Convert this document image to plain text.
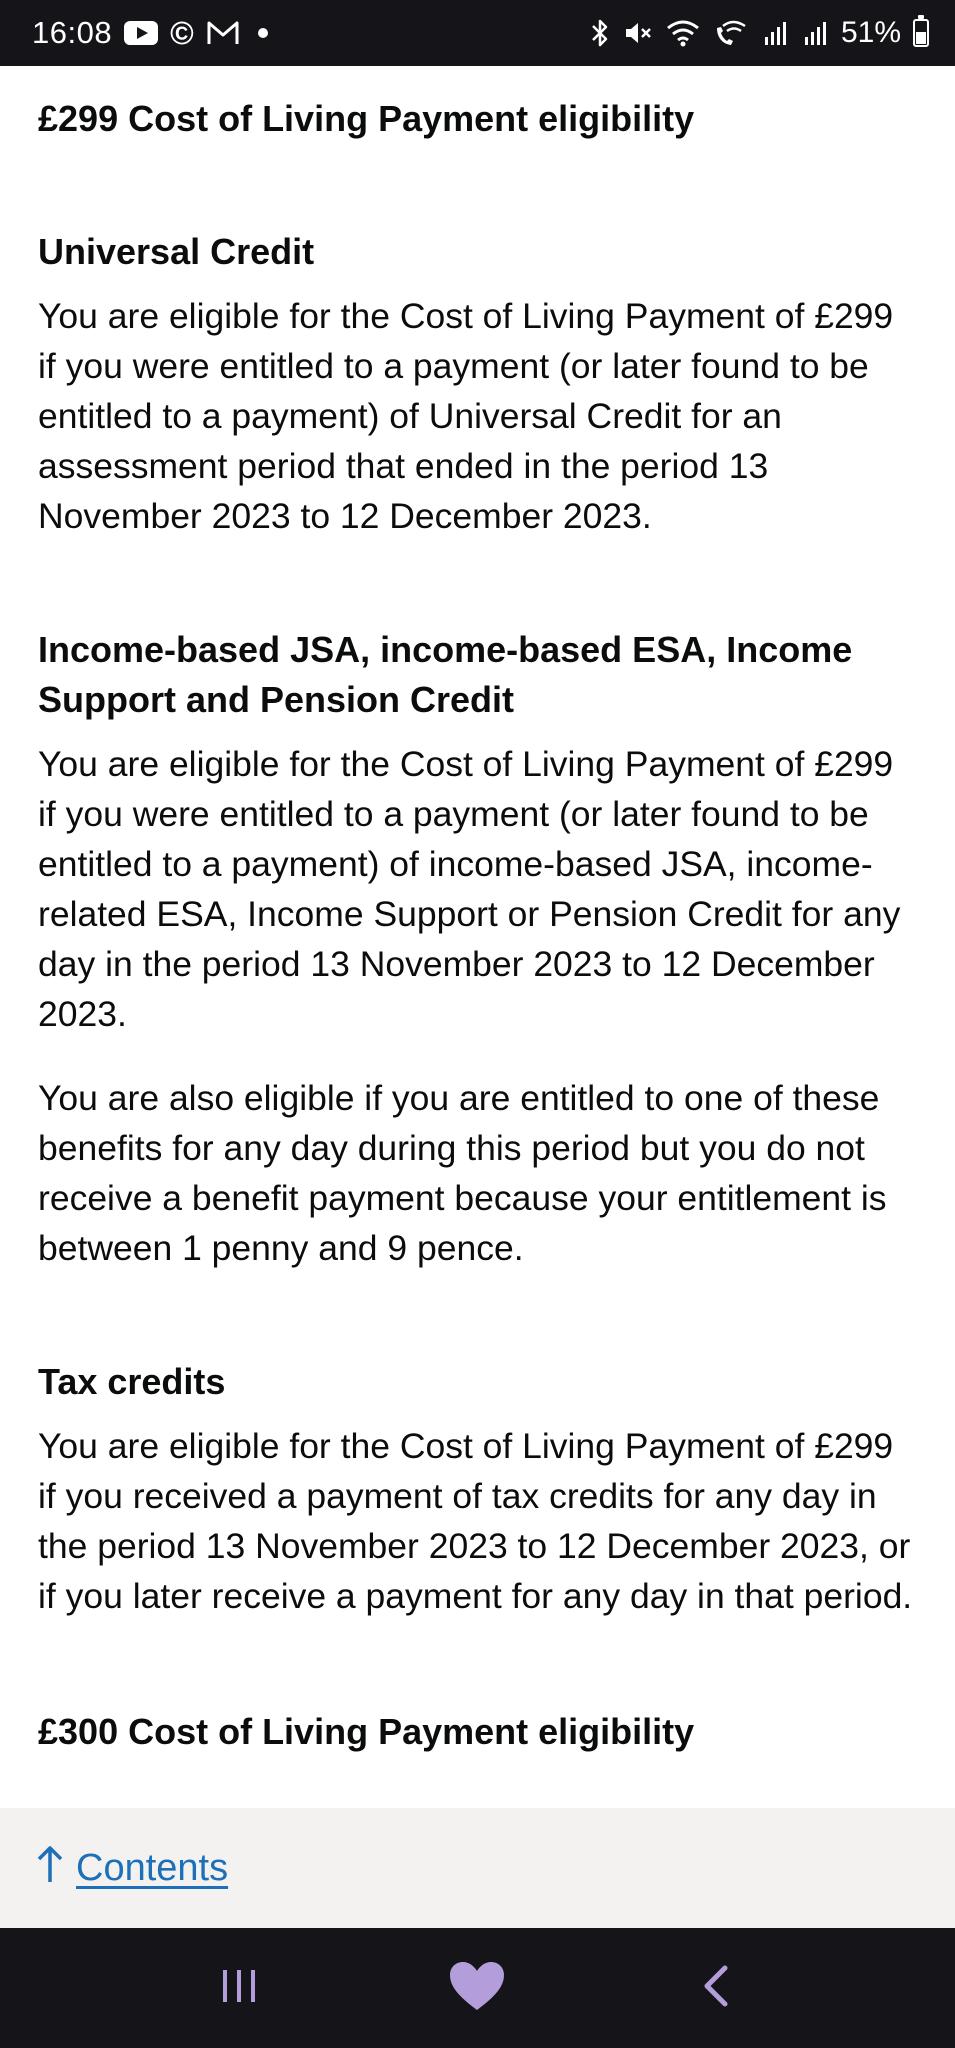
16:08 ©	51%
£299 Cost of Living Payment eligibility
Universal Credit

You are eligible for the Cost of Living Payment of £299 if you were entitled to a payment (or later found to be entitled to a payment) of Universal Credit for an assessment period that ended in the period 13 November 2023 to 12 December 2023.

Income-based JSA, income-based ESA, Income Support and Pension Credit

You are eligible for the Cost of Living Payment of £299 if you were entitled to a payment (or later found to be entitled to a payment) of income-based JSA, income-related ESA, Income Support or Pension Credit for any day in the period 13 November 2023 to 12 December 2023.

You are also eligible if you are entitled to one of these benefits for any day during this period but you do not receive a benefit payment because your entitlement is between 1 penny and 9 pence.

Tax credits

You are eligible for the Cost of Living Payment of £299 if you received a payment of tax credits for any day in the period 13 November 2023 to 12 December 2023, or if you later receive a payment for any day in that period.

£300 Cost of Living Payment eligibility
Contents
